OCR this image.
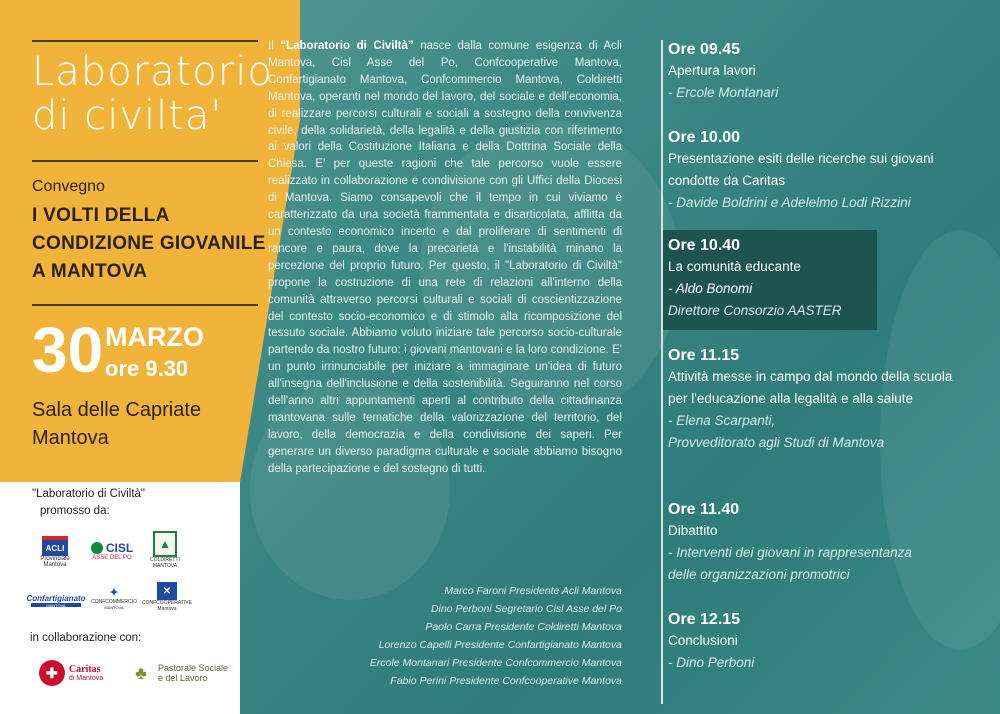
Laboratorio
di civilta'
Convegno
I VOLTI DELLA
CONDIZIONE GIOVANILE
A MANTOVA
30 MARZO
ore 9.30
Sala delle Capriate
Mantova
"Laboratorio di Civiltà"
promosso da:
ACLI
Provinciale Mantova
CISL
ASSE DEL PO
▲
COLDIRETTI MANTOVA
Confartigianato
MANTOVA
✦
CONFCOMMERCIO
MANTOVA
✕
CONFCOOPERATIVE
Mantova
in collaborazione con:
✚	Caritas
di Mantova	♣	Pastorale Sociale
e del Lavoro
Il “Laboratorio di Civiltà” nasce dalla comune esigenza di Acli Mantova, Cisl Asse del Po, Confcooperative Mantova, Confartigianato Mantova, Confcommercio Mantova, Coldiretti Mantova, operanti nel mondo del lavoro, del sociale e dell'economia, di realizzare percorsi culturali e sociali a sostegno della convivenza civile, della solidarietà, della legalità e della giustizia con riferimento ai valori della Costituzione Italiana e della Dottrina Sociale della Chiesa. E' per queste ragioni che tale percorso vuole essere realizzato in collaborazione e condivisione con gli Uffici della Diocesi di Mantova. Siamo consapevoli che il tempo in cui viviamo è caratterizzato da una società frammentata e disarticolata, afflitta da un contesto economico incerto e dal proliferare di sentimenti di rancore e paura, dove la precarietà e l'instabilità minano la percezione del proprio futuro. Per questo, il "Laboratorio di Civiltà" propone la costruzione di una rete di relazioni all'interno della comunità attraverso percorsi culturali e sociali di coscientizzazione del contesto socio-economico e di stimolo alla ricomposizione del tessuto sociale. Abbiamo voluto iniziare tale percorso socio-culturale partendo da nostro futuro: i giovani mantovani e la loro condizione. E' un punto irrinunciabile per iniziare a immaginare un'idea di futuro all'insegna dell'inclusione e della sostenibilità. Seguiranno nel corso dell'anno altri appuntamenti aperti al contributo della cittadinanza mantovana sulle tematiche della valorizzazione del territorio, del lavoro, della democrazia e della condivisione dei saperi. Per generare un diverso paradigma culturale e sociale abbiamo bisogno della partecipazione e del sostegno di tutti.
Marco Faroni Presidente Acli Mantova
Dino Perboni Segretario Cisl Asse del Po
Paolo Carra Presidente Coldiretti Mantova
Lorenzo Capelli Presidente Confartigianato Mantova
Ercole Montanari Presidente Confcommercio Mantova
Fabio Perini Presidente Confcooperative Mantova
Ore 09.45
Apertura lavori
- Ercole Montanari
Ore 10.00
Presentazione esiti delle ricerche sui giovani condotte da Caritas
- Davide Boldrini e Adelelmo Lodi Rizzini
Ore 10.40
La comunità educante
- Aldo Bonomi
Direttore Consorzio AASTER
Ore 11.15
Attività messe in campo dal mondo della scuola per l'educazione alla legalità e alla salute
- Elena Scarpanti,
Provveditorato agli Studi di Mantova
Ore 11.40
Dibattito
- Interventi dei giovani in rappresentanza
delle organizzazioni promotrici
Ore 12.15
Conclusioni
- Dino Perboni
